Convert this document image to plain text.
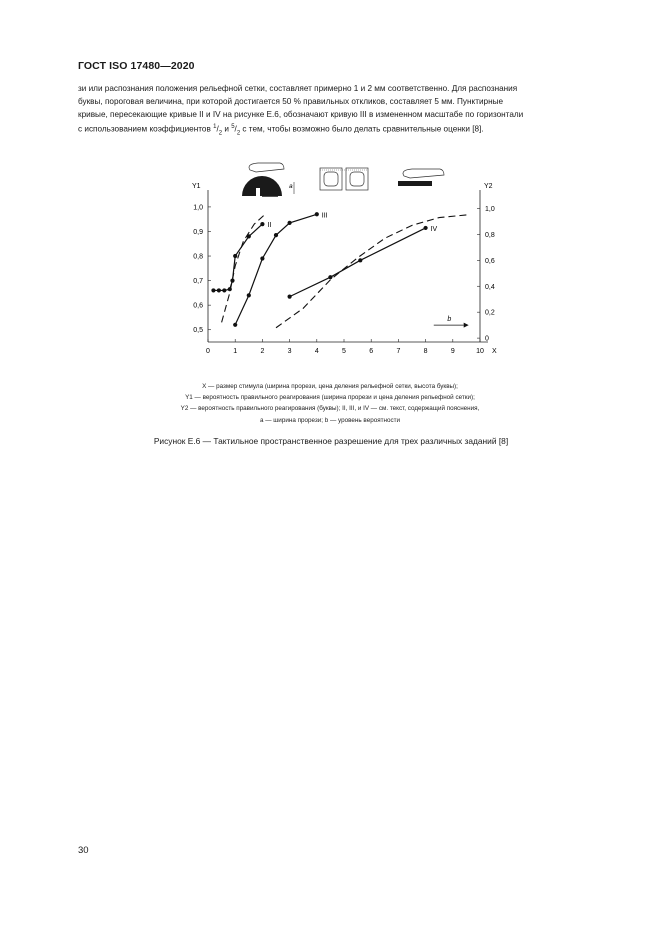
ГОСТ ISO 17480—2020
зи или распознания положения рельефной сетки, составляет примерно 1 и 2 мм соответственно. Для распознания
буквы, пороговая величина, при которой достигается 50 % правильных откликов, составляет 5 мм. Пунктирные
кривые, пересекающие кривые II и IV на рисунке Е.6, обозначают кривую III в измененном масштабе по горизонтали
с использованием коэффициентов $^1/_2$ и $^5/_2$ с тем, чтобы возможно было делать сравнительные оценки [8].
a
Y1	Y2
X
0	1	2	3	4	5	6	7	8	9	10
0,5
0,6
0,7
0,8
0,9
1,0
0
0,2
0,4
0,6
0,8
1,0
II
III
IV
b
X — размер стимула (ширина прорези, цена деления рельефной сетки, высота буквы);
Y1 — вероятность правильного реагирования (ширина прорези и цена деления рельефной сетки);
Y2 — вероятность правильного реагирования (буквы); II, III, и IV — см. текст, содержащий пояснения,
a — ширина прорези; b — уровень вероятности
Рисунок Е.6 — Тактильное пространственное разрешение для трех различных заданий [8]
30
